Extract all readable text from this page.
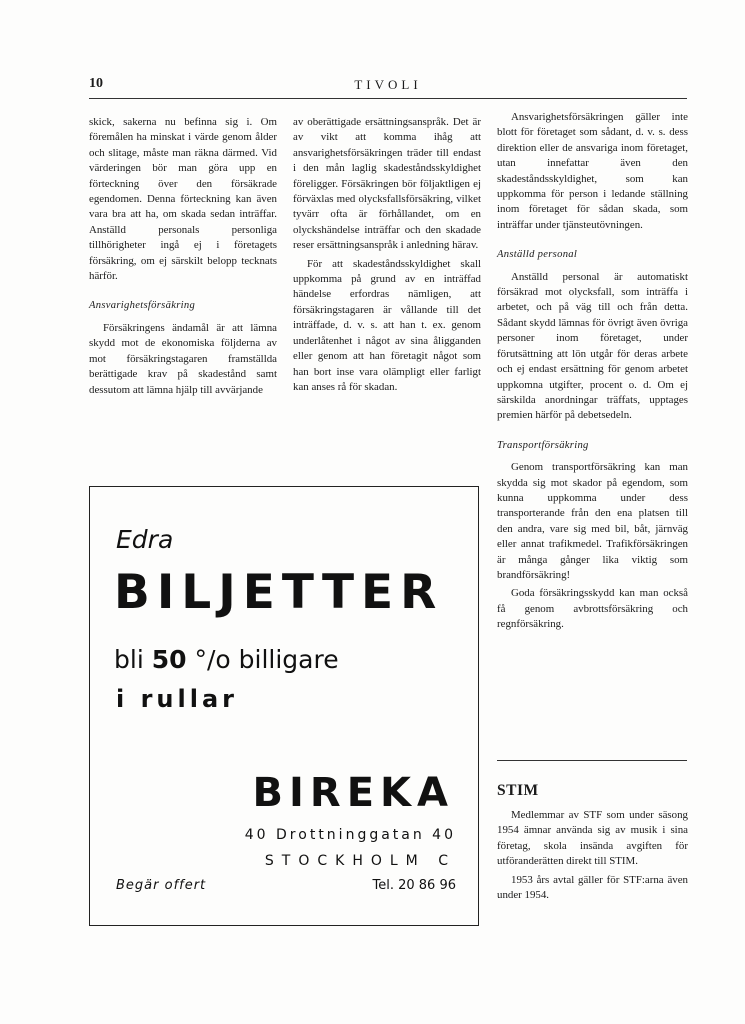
10	TIVOLI

skick, sakerna nu befinna sig i. Om föremålen ha minskat i värde genom ålder och slitage, måste man räkna därmed. Vid värderingen bör man göra upp en förteckning över den försäkrade egendomen. Denna förteckning kan även vara bra att ha, om skada sedan inträffar. Anställd personals personliga tillhörigheter ingå ej i företagets försäkring, om ej särskilt belopp tecknats härför.

Ansvarighetsförsäkring

Försäkringens ändamål är att lämna skydd mot de ekonomiska följderna av mot försäkringstagaren framställda berättigade krav på skadestånd samt dessutom att lämna hjälp till avvärjande

av oberättigade ersättningsanspråk. Det är av vikt att komma ihåg att ansvarighetsförsäkringen träder till endast i den mån laglig skadeståndsskyldighet föreligger. Försäkringen bör följaktligen ej förväxlas med olycksfallsförsäkring, vilket tyvärr ofta är förhållandet, om en olyckshändelse inträffar och den skadade reser ersättningsanspråk i anledning härav.

För att skadeståndsskyldighet skall uppkomma på grund av en inträffad händelse erfordras nämligen, att försäkringstagaren är vållande till det inträffade, d. v. s. att han t. ex. genom underlåtenhet i något av sina åligganden eller genom att han företagit något som han bort inse vara olämpligt eller farligt kan anses rå för skadan.

Ansvarighetsförsäkringen gäller inte blott för företaget som sådant, d. v. s. dess direktion eller de ansvariga inom företaget, utan innefattar även den skadeståndsskyldighet, som kan uppkomma för person i ledande ställning inom företaget för sådan skada, som inträffar under tjänsteutövningen.

Anställd personal

Anställd personal är automatiskt försäkrad mot olycksfall, som inträffa i arbetet, och på väg till och från detta. Sådant skydd lämnas för övrigt även övriga personer inom företaget, under förutsättning att lön utgår för deras arbete och ej endast ersättning för genom arbetet uppkomna utgifter, procent o. d. Om ej särskilda anordningar träffats, upptages premien härför på debetsedeln.

Transportförsäkring

Genom transportförsäkring kan man skydda sig mot skador på egendom, som kunna uppkomma under dess transporterande från den ena platsen till den andra, vare sig med bil, båt, järnväg eller annat trafikmedel. Trafikförsäkringen är många gånger lika viktig som brandförsäkring!

Goda försäkringsskydd kan man också få genom avbrottsförsäkring och regnförsäkring.

Edra
BILJETTER
bli 50 °/o billigare
i rullar
BIREKA
40 Drottninggatan 40
STOCKHOLM C
Begär offert	Tel. 20 86 96
STIM

Medlemmar av STF som under säsong 1954 ämnar använda sig av musik i sina företag, skola insända avgiften för utföranderätten direkt till STIM.

1953 års avtal gäller för STF:arna även under 1954.
